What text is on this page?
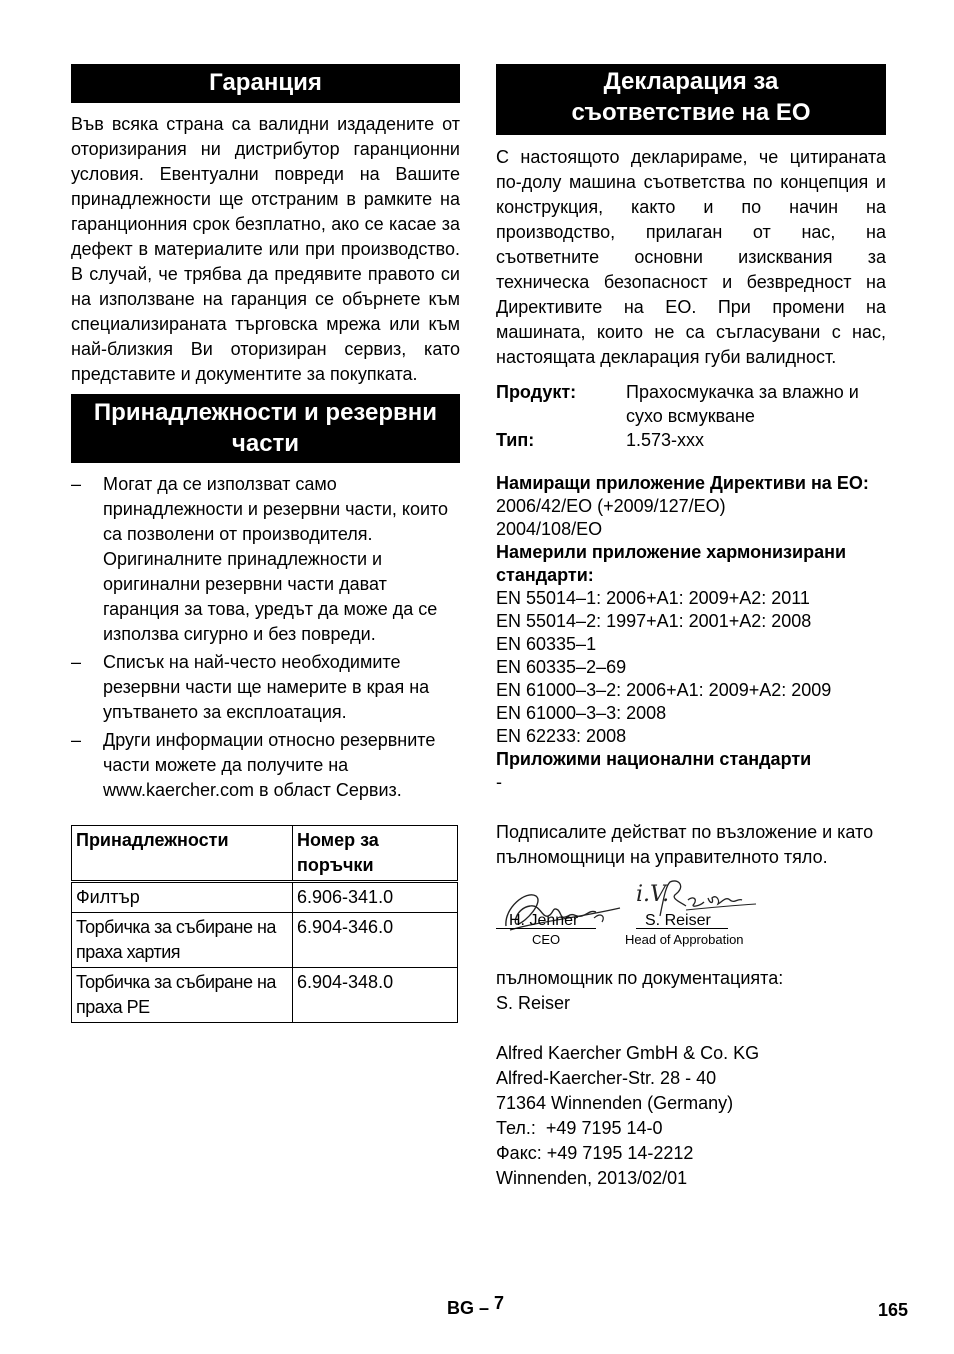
Гаранция

Във всяка страна са валидни издадените от оторизирания ни дистрибутор гаранционни условия. Евентуални повреди на Вашите принадлежности ще отстраним в рамките на гаранционния срок безплатно, ако се касае за дефект в материалите или при производство. В случай, че трябва да предявите правото си на използване на гаранция се обърнете към специализираната търговска мрежа или към най-близкия Ви оторизиран сервиз, като представите и документите за покупката.

Принадлежности и резервни части
– Могат да се използват само принадлежности и резервни части, които са позволени от производителя. Оригиналните принадлежности и оригинални резервни части дават гаранция за това, уредът да може да се използва сигурно и без повреди.
– Списък на най-често необходимите резервни части ще намерите в края на упътването за експлоатация.
– Други информации относно резервните части можете да получите на www.kaercher.com в област Сервиз.
Принадлежности	Номер за поръчки
Филтър	6.906-341.0
Торбичка за събиране на праха хартия	6.904-346.0
Торбичка за събиране на праха PE	6.904-348.0
Декларация за съответствие на ЕО

С настоящото декларираме, че цитираната по-долу машина съответства по концепция и конструкция, както и по начин на производство, прилаган от нас, на съответните основни изисквания за техническа безопасност и безвредност на Директивите на ЕО. При промени на машината, които не са съгласувани с нас, настоящата декларация губи валидност.

Продукт:	Прахосмукачка за влажно и сухо всмукване
Тип:	1.573-xxx
Намиращи приложение Директиви на ЕО:
2006/42/EO (+2009/127/EO)
2004/108/EO
Намерили приложение хармонизирани стандарти:
EN 55014–1: 2006+A1: 2009+A2: 2011
EN 55014–2: 1997+A1: 2001+A2: 2008
EN 60335–1
EN 60335–2–69
EN 61000–3–2: 2006+A1: 2009+A2: 2009
EN 61000–3–3: 2008
EN 62233: 2008
Приложими национални стандарти
-

Подписалите действат по възложение и като пълномощници на управителното тяло.

H. Jenner
CEO
i.V.
S. Reiser
Head of Approbation
пълномощник по документацията:
S. Reiser
Alfred Kaercher GmbH & Co. KG
Alfred-Kaercher-Str. 28 - 40
71364 Winnenden (Germany)
Тел.:  +49 7195 14-0
Факс: +49 7195 14-2212
Winnenden, 2013/02/01
BG – 7	165
